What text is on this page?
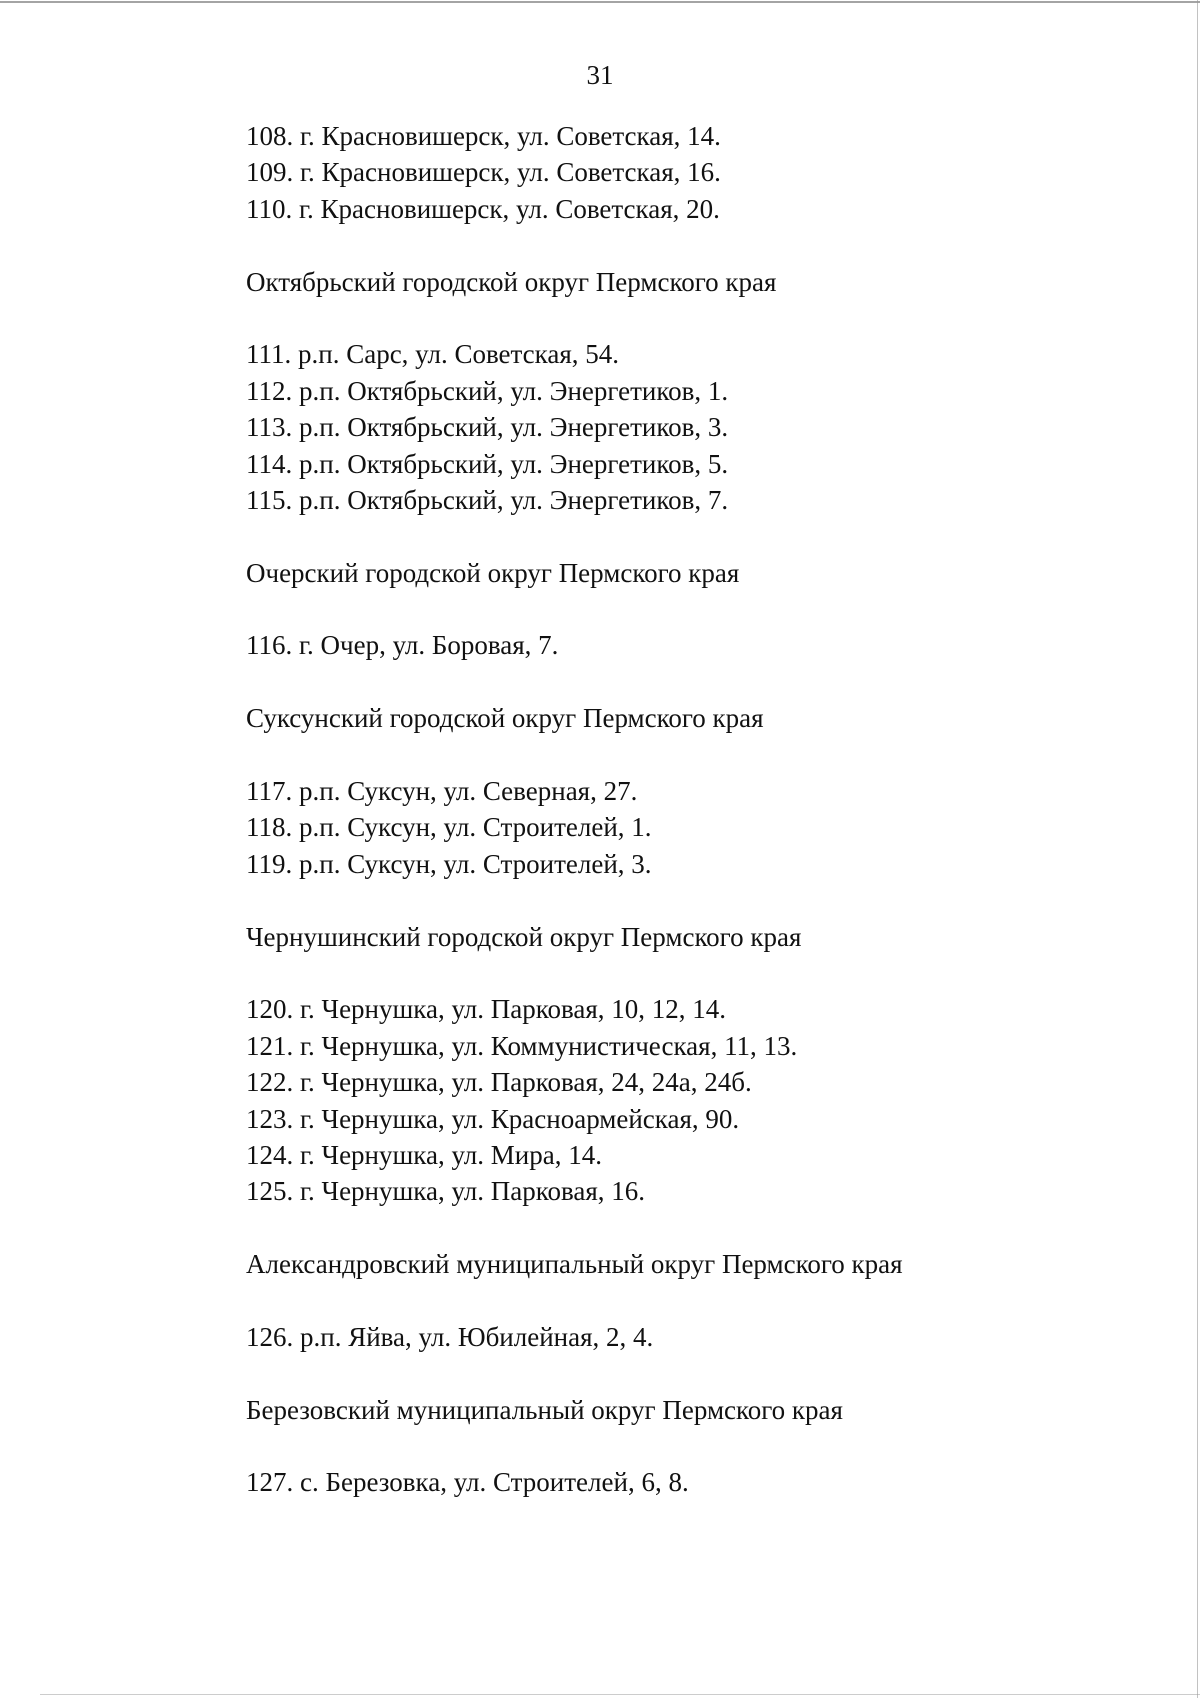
31
108. г. Красновишерск, ул. Советская, 14.
109. г. Красновишерск, ул. Советская, 16.
110. г. Красновишерск, ул. Советская, 20.
Октябрьский городской округ Пермского края
111. р.п. Сарс, ул. Советская, 54.
112. р.п. Октябрьский, ул. Энергетиков, 1.
113. р.п. Октябрьский, ул. Энергетиков, 3.
114. р.п. Октябрьский, ул. Энергетиков, 5.
115. р.п. Октябрьский, ул. Энергетиков, 7.
Очерский городской округ Пермского края
116. г. Очер, ул. Боровая, 7.
Суксунский городской округ Пермского края
117. р.п. Суксун, ул. Северная, 27.
118. р.п. Суксун, ул. Строителей, 1.
119. р.п. Суксун, ул. Строителей, 3.
Чернушинский городской округ Пермского края
120. г. Чернушка, ул. Парковая, 10, 12, 14.
121. г. Чернушка, ул. Коммунистическая, 11, 13.
122. г. Чернушка, ул. Парковая, 24, 24а, 24б.
123. г. Чернушка, ул. Красноармейская, 90.
124. г. Чернушка, ул. Мира, 14.
125. г. Чернушка, ул. Парковая, 16.
Александровский муниципальный округ Пермского края
126. р.п. Яйва, ул. Юбилейная, 2, 4.
Березовский муниципальный округ Пермского края
127. с. Березовка, ул. Строителей, 6, 8.
